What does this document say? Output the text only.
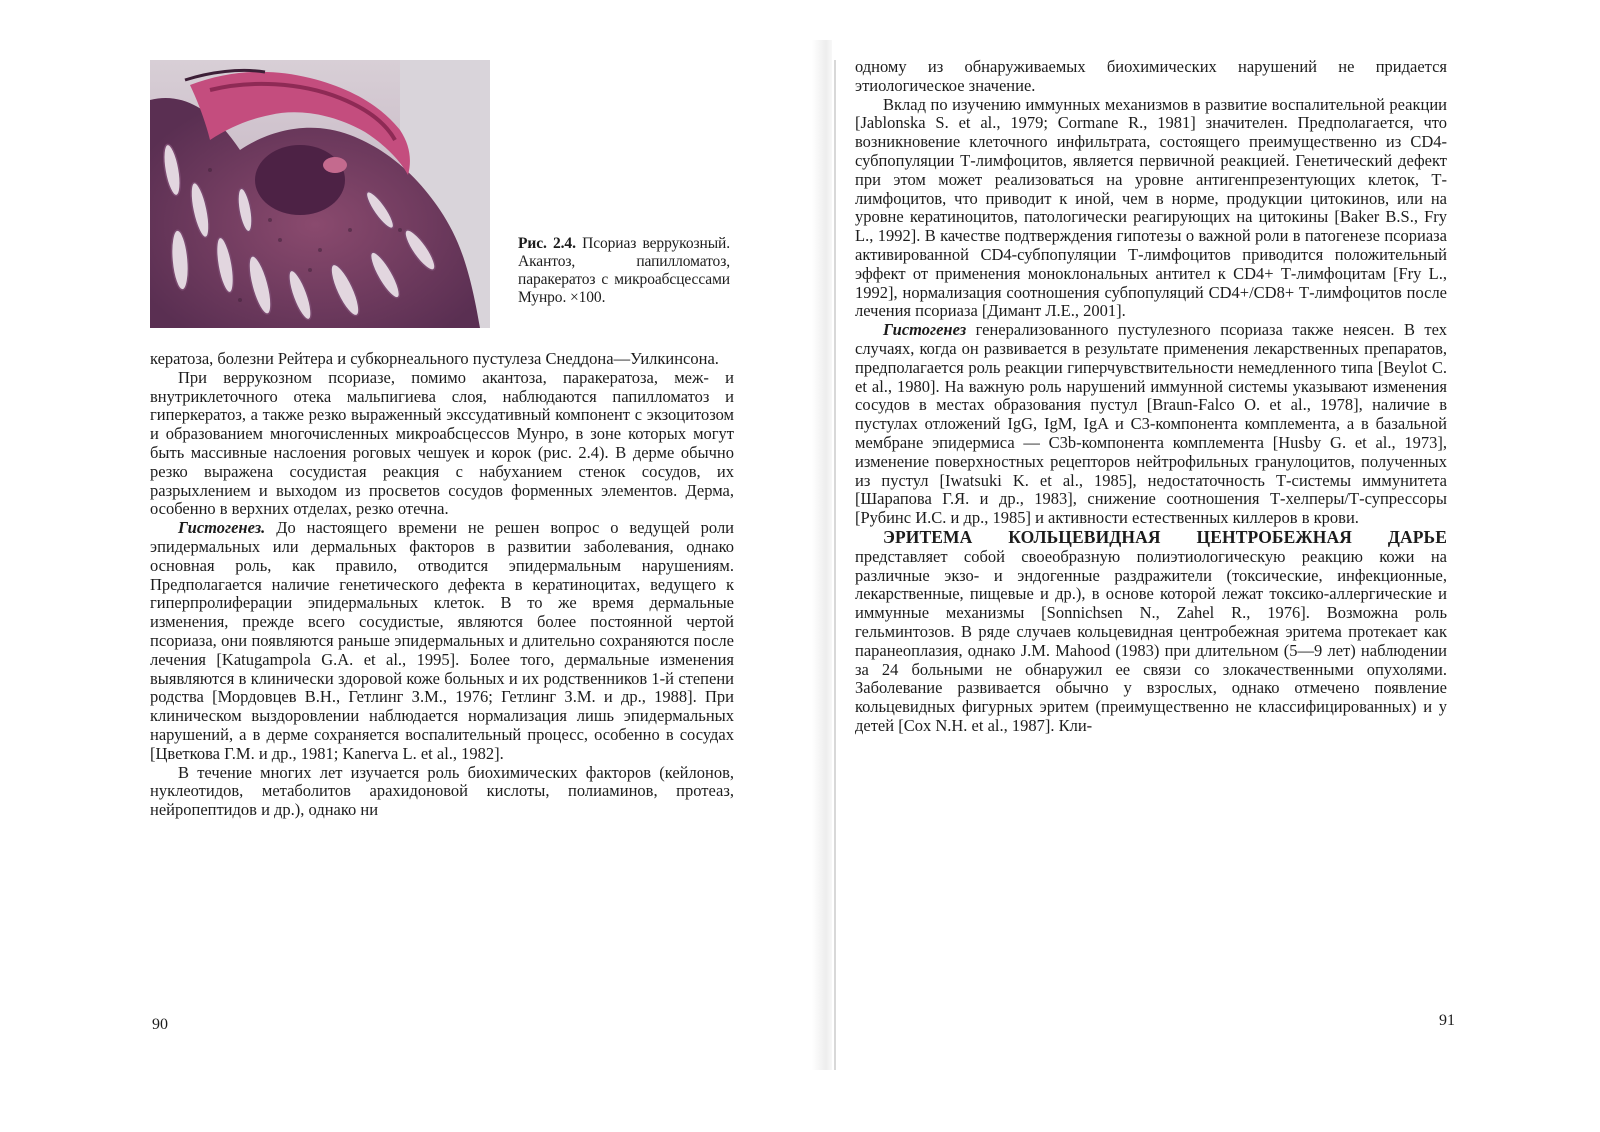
Рис. 2.4. Псориаз веррукозный. Акантоз, папилломатоз, паракератоз с микроабсцессами Мунро. ×100.

кератоза, болезни Рейтера и субкорнеального пустулеза Снеддона—Уилкинсона.

При веррукозном псориазе, помимо акантоза, паракератоза, меж- и внутриклеточного отека мальпигиева слоя, наблюдаются папилломатоз и гиперкератоз, а также резко выраженный экссудативный компонент с экзоцитозом и образованием многочисленных микроабсцессов Мунро, в зоне которых могут быть массивные наслоения роговых чешуек и корок (рис. 2.4). В дерме обычно резко выражена сосудистая реакция с набуханием стенок сосудов, их разрыхлением и выходом из просветов сосудов форменных элементов. Дерма, особенно в верхних отделах, резко отечна.

Гистогенез. До настоящего времени не решен вопрос о ведущей роли эпидермальных или дермальных факторов в развитии заболевания, однако основная роль, как правило, отводится эпидермальным нарушениям. Предполагается наличие генетического дефекта в кератиноцитах, ведущего к гиперпролиферации эпидермальных клеток. В то же время дермальные изменения, прежде всего сосудистые, являются более постоянной чертой псориаза, они появляются раньше эпидермальных и длительно сохраняются после лечения [Katugampola G.A. et al., 1995]. Более того, дермальные изменения выявляются в клинически здоровой коже больных и их родственников 1-й степени родства [Мордовцев В.Н., Гетлинг З.М., 1976; Гетлинг З.М. и др., 1988]. При клиническом выздоровлении наблюдается нормализация лишь эпидермальных нарушений, а в дерме сохраняется воспалительный процесс, особенно в сосудах [Цветкова Г.М. и др., 1981; Kanerva L. et al., 1982].

В течение многих лет изучается роль биохимических факторов (кейлонов, нуклеотидов, метаболитов арахидоновой кислоты, полиаминов, протеаз, нейропептидов и др.), однако ни

90

одному из обнаруживаемых биохимических нарушений не придается этиологическое значение.

Вклад по изучению иммунных механизмов в развитие воспалительной реакции [Jablonska S. et al., 1979; Cormane R., 1981] значителен. Предполагается, что возникновение клеточного инфильтрата, состоящего преимущественно из CD4-субпопуляции Т-лимфоцитов, является первичной реакцией. Генетический дефект при этом может реализоваться на уровне антигенпрезентующих клеток, Т-лимфоцитов, что приводит к иной, чем в норме, продукции цитокинов, или на уровне кератиноцитов, патологически реагирующих на цитокины [Baker B.S., Fry L., 1992]. В качестве подтверждения гипотезы о важной роли в патогенезе псориаза активированной CD4-субпопуляции Т-лимфоцитов приводится положительный эффект от применения моноклональных антител к CD4+ Т-лимфоцитам [Fry L., 1992], нормализация соотношения субпопуляций CD4+/CD8+ Т-лимфоцитов после лечения псориаза [Димант Л.Е., 2001].

Гистогенез генерализованного пустулезного псориаза также неясен. В тех случаях, когда он развивается в результате применения лекарственных препаратов, предполагается роль реакции гиперчувствительности немедленного типа [Beylot C. et al., 1980]. На важную роль нарушений иммунной системы указывают изменения сосудов в местах образования пустул [Braun-Falco O. et al., 1978], наличие в пустулах отложений IgG, IgM, IgA и С3-компонента комплемента, а в базальной мембране эпидермиса — С3b-компонента комплемента [Husby G. et al., 1973], изменение поверхностных рецепторов нейтрофильных гранулоцитов, полученных из пустул [Iwatsuki K. et al., 1985], недостаточность Т-системы иммунитета [Шарапова Г.Я. и др., 1983], снижение соотношения Т-хелперы/Т-супрессоры [Рубинс И.С. и др., 1985] и активности естественных киллеров в крови.

ЭРИТЕМА КОЛЬЦЕВИДНАЯ ЦЕНТРОБЕЖНАЯ ДАРЬЕ представляет собой своеобразную полиэтиологическую реакцию кожи на различные экзо- и эндогенные раздражители (токсические, инфекционные, лекарственные, пищевые и др.), в основе которой лежат токсико-аллергические и иммунные механизмы [Sonnichsen N., Zahel R., 1976]. Возможна роль гельминтозов. В ряде случаев кольцевидная центробежная эритема протекает как паранеоплазия, однако J.M. Mahood (1983) при длительном (5—9 лет) наблюдении за 24 больными не обнаружил ее связи со злокачественными опухолями. Заболевание развивается обычно у взрослых, однако отмечено появление кольцевидных фигурных эритем (преимущественно не классифицированных) и у детей [Cox N.H. et al., 1987]. Кли-

91
